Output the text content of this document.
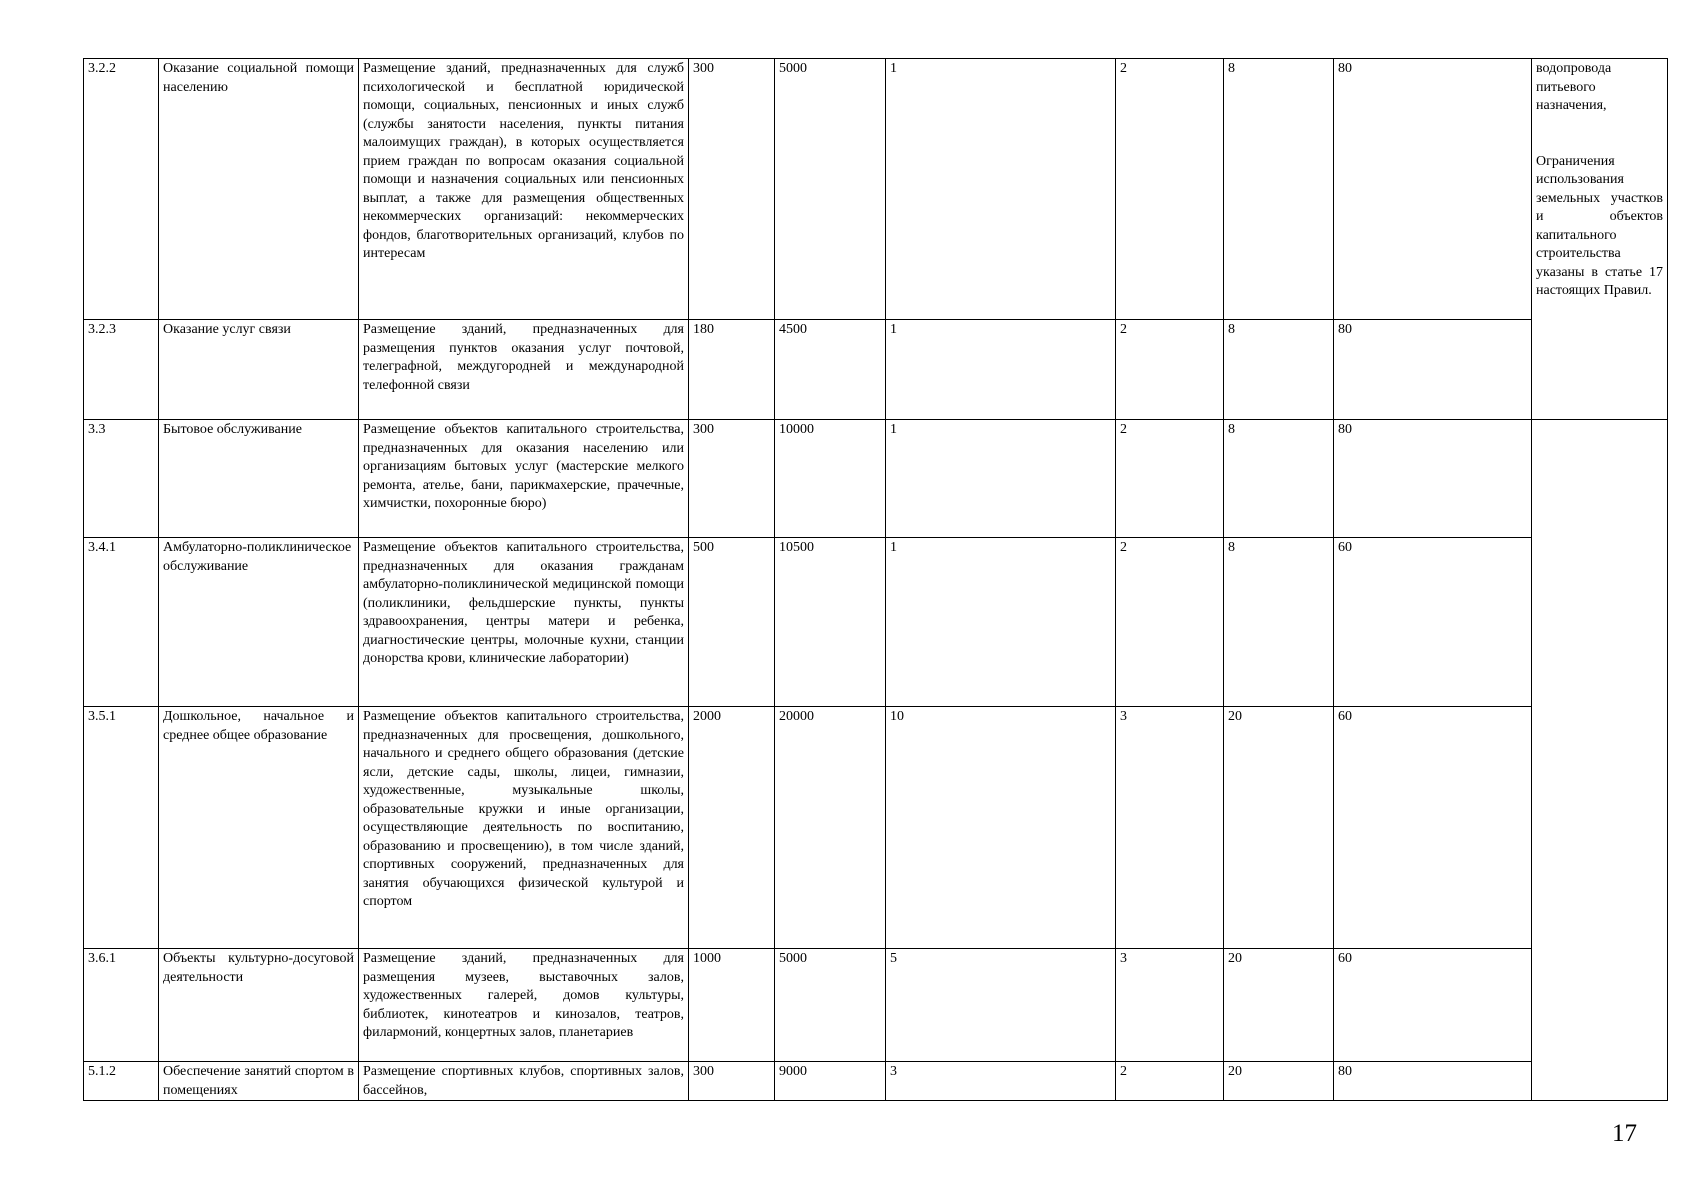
3.2.2	Оказание социальной помощи населению	Размещение зданий, предназначенных для служб психологической и бесплатной юридической помощи, социальных, пенсионных и иных служб (службы занятости населения, пункты питания малоимущих граждан), в которых осуществляется прием граждан по вопросам оказания социальной помощи и назначения социальных или пенсионных выплат, а также для размещения общественных некоммерческих организаций: некоммерческих фондов, благотворительных организаций, клубов по интересам	300	5000	1	2	8	80	водопровода питьевого назначения,
Ограничения использования земельных участков и объектов капитального строительства указаны в статье 17 настоящих Правил.

3.2.3	Оказание услуг связи	Размещение зданий, предназначенных для размещения пунктов оказания услуг почтовой, телеграфной, междугородней и международной телефонной связи	180	4500	1	2	8	80	
3.3	Бытовое обслуживание	Размещение объектов капитального строительства, предназначенных для оказания населению или организациям бытовых услуг (мастерские мелкого ремонта, ателье, бани, парикмахерские, прачечные, химчистки, похоронные бюро)	300	10000	1	2	8	80	
3.4.1	Амбулаторно-поликлиническое обслуживание	Размещение объектов капитального строительства, предназначенных для оказания гражданам амбулаторно-поликлинической медицинской помощи (поликлиники, фельдшерские пункты, пункты здравоохранения, центры матери и ребенка, диагностические центры, молочные кухни, станции донорства крови, клинические лаборатории)	500	10500	1	2	8	60	
3.5.1	Дошкольное, начальное и среднее общее образование	Размещение объектов капитального строительства, предназначенных для просвещения, дошкольного, начального и среднего общего образования (детские ясли, детские сады, школы, лицеи, гимназии, художественные, музыкальные школы, образовательные кружки и иные организации, осуществляющие деятельность по воспитанию, образованию и просвещению), в том числе зданий, спортивных сооружений, предназначенных для занятия обучающихся физической культурой и спортом	2000	20000	10	3	20	60	
3.6.1	Объекты культурно-досуговой деятельности	Размещение зданий, предназначенных для размещения музеев, выставочных залов, художественных галерей, домов культуры, библиотек, кинотеатров и кинозалов, театров, филармоний, концертных залов, планетариев	1000	5000	5	3	20	60	
5.1.2	Обеспечение занятий спортом в помещениях	Размещение спортивных клубов, спортивных залов, бассейнов,	300	9000	3	2	20	80	
17
